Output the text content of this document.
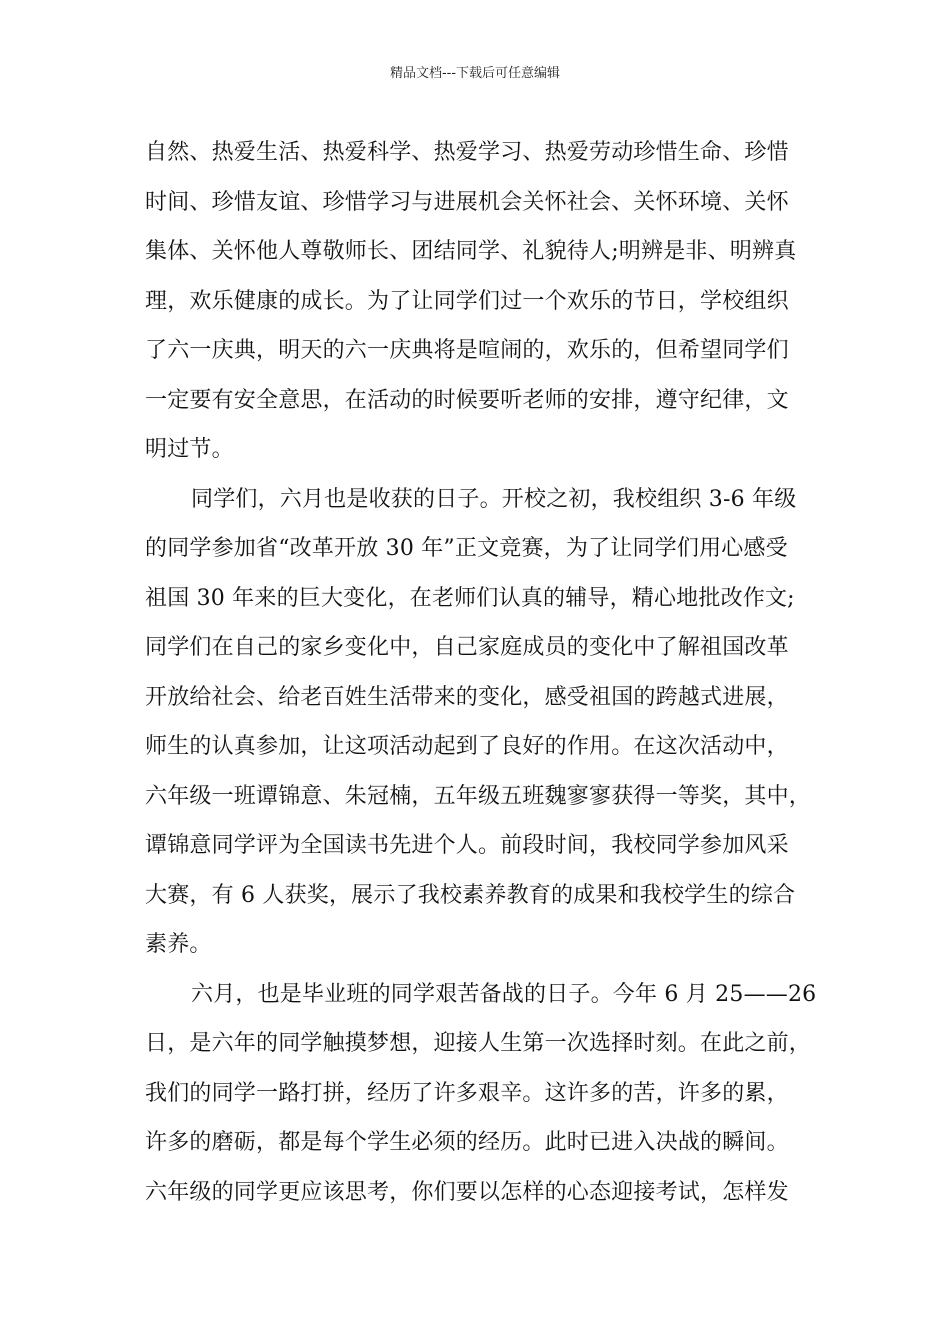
精品文档---下载后可任意编辑
自然、热爱生活、热爱科学、热爱学习、热爱劳动珍惜生命、珍惜
时间、珍惜友谊、珍惜学习与进展机会关怀社会、关怀环境、关怀
集体、关怀他人尊敬师长、团结同学、礼貌待人;明辨是非、明辨真
理，欢乐健康的成长。为了让同学们过一个欢乐的节日，学校组织
了六一庆典，明天的六一庆典将是喧闹的，欢乐的，但希望同学们
一定要有安全意思，在活动的时候要听老师的安排，遵守纪律，文
明过节。
同学们，六月也是收获的日子。开校之初，我校组织 3-6 年级
的同学参加省“改革开放 30 年”正文竞赛，为了让同学们用心感受
祖国 30 年来的巨大变化，在老师们认真的辅导，精心地批改作文;
同学们在自己的家乡变化中，自己家庭成员的变化中了解祖国改革
开放给社会、给老百姓生活带来的变化，感受祖国的跨越式进展，
师生的认真参加，让这项活动起到了良好的作用。在这次活动中，
六年级一班谭锦意、朱冠楠，五年级五班魏寥寥获得一等奖，其中，
谭锦意同学评为全国读书先进个人。前段时间，我校同学参加风采
大赛，有 6 人获奖，展示了我校素养教育的成果和我校学生的综合
素养。
六月，也是毕业班的同学艰苦备战的日子。今年 6 月 25——26
日，是六年的同学触摸梦想，迎接人生第一次选择时刻。在此之前，
我们的同学一路打拼，经历了许多艰辛。这许多的苦，许多的累，
许多的磨砺，都是每个学生必须的经历。此时已进入决战的瞬间。
六年级的同学更应该思考，你们要以怎样的心态迎接考试，怎样发
